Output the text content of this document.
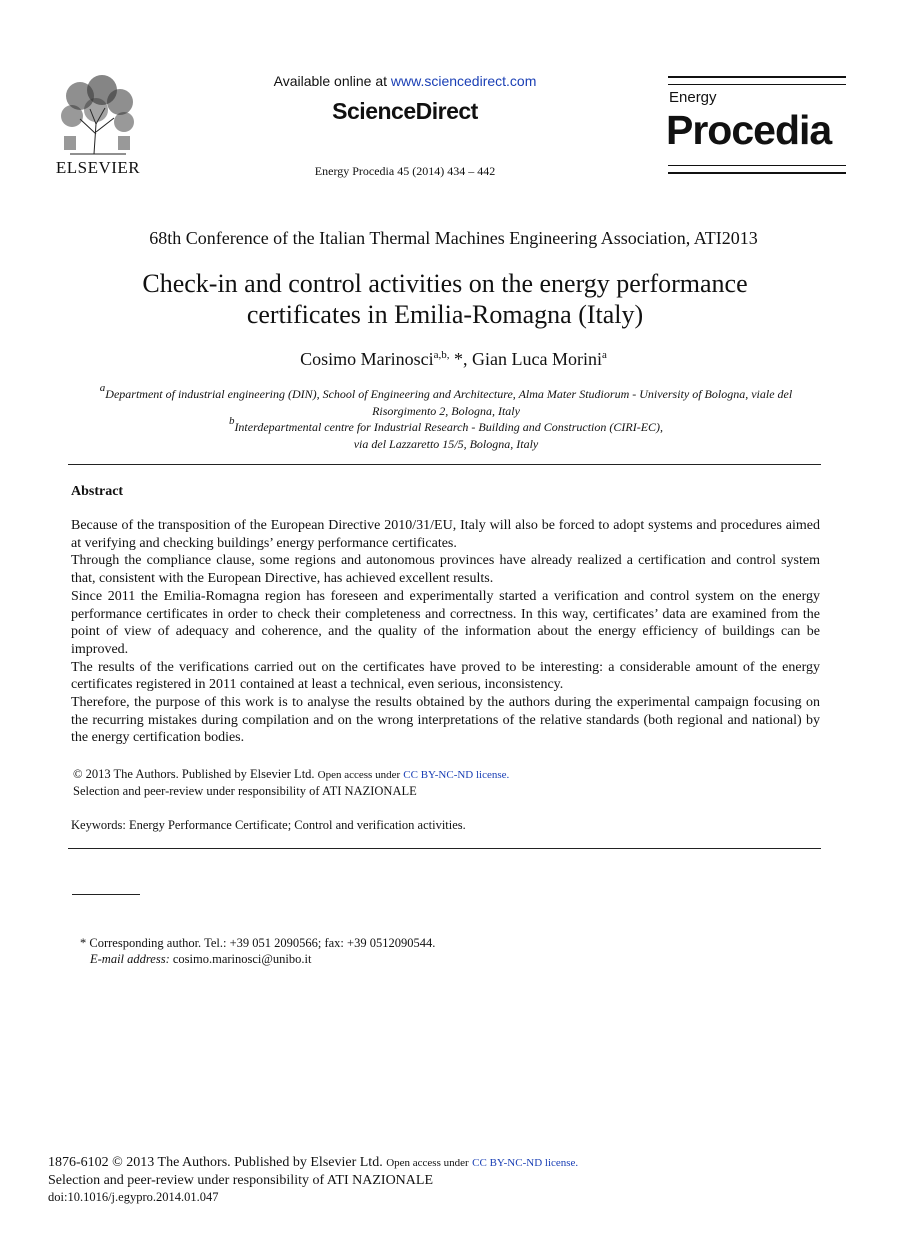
ELSEVIER
Available online at www.sciencedirect.com
ScienceDirect
Energy Procedia 45 (2014) 434 – 442
Energy
Procedia
68th Conference of the Italian Thermal Machines Engineering Association, ATI2013
Check-in and control activities on the energy performance
certificates in Emilia-Romagna (Italy)
Cosimo Marinosci$^{a,b,}$ *, Gian Luca Morini$^a$
$^a$Department of industrial engineering (DIN), School of Engineering and Architecture, Alma Mater Studiorum - University of Bologna, viale del
Risorgimento 2, Bologna, Italy
$^b$Interdepartmental centre for Industrial Research - Building and Construction (CIRI-EC),
via del Lazzaretto 15/5, Bologna, Italy
Abstract

Because of the transposition of the European Directive 2010/31/EU, Italy will also be forced to adopt systems and procedures aimed at verifying and checking buildings’ energy performance certificates.

Through the compliance clause, some regions and autonomous provinces have already realized a certification and control system that, consistent with the European Directive, has achieved excellent results.

Since 2011 the Emilia-Romagna region has foreseen and experimentally started a verification and control system on the energy performance certificates in order to check their completeness and correctness. In this way, certificates’ data are examined from the point of view of adequacy and coherence, and the quality of the information about the energy efficiency of buildings can be improved.

The results of the verifications carried out on the certificates have proved to be interesting: a considerable amount of the energy certificates registered in 2011 contained at least a technical, even serious, inconsistency.

Therefore, the purpose of this work is to analyse the results obtained by the authors during the experimental campaign focusing on the recurring mistakes during compilation and on the wrong interpretations of the relative standards (both regional and national) by the energy certification bodies.

© 2013 The Authors. Published by Elsevier Ltd. Open access under CC BY-NC-ND license.
Selection and peer-review under responsibility of ATI NAZIONALE
Keywords: Energy Performance Certificate; Control and verification activities.
* Corresponding author. Tel.: +39 051 2090566; fax: +39 0512090544.
E-mail address: cosimo.marinosci@unibo.it
1876-6102 © 2013 The Authors. Published by Elsevier Ltd. Open access under CC BY-NC-ND license.
Selection and peer-review under responsibility of ATI NAZIONALE
doi:10.1016/j.egypro.2014.01.047
